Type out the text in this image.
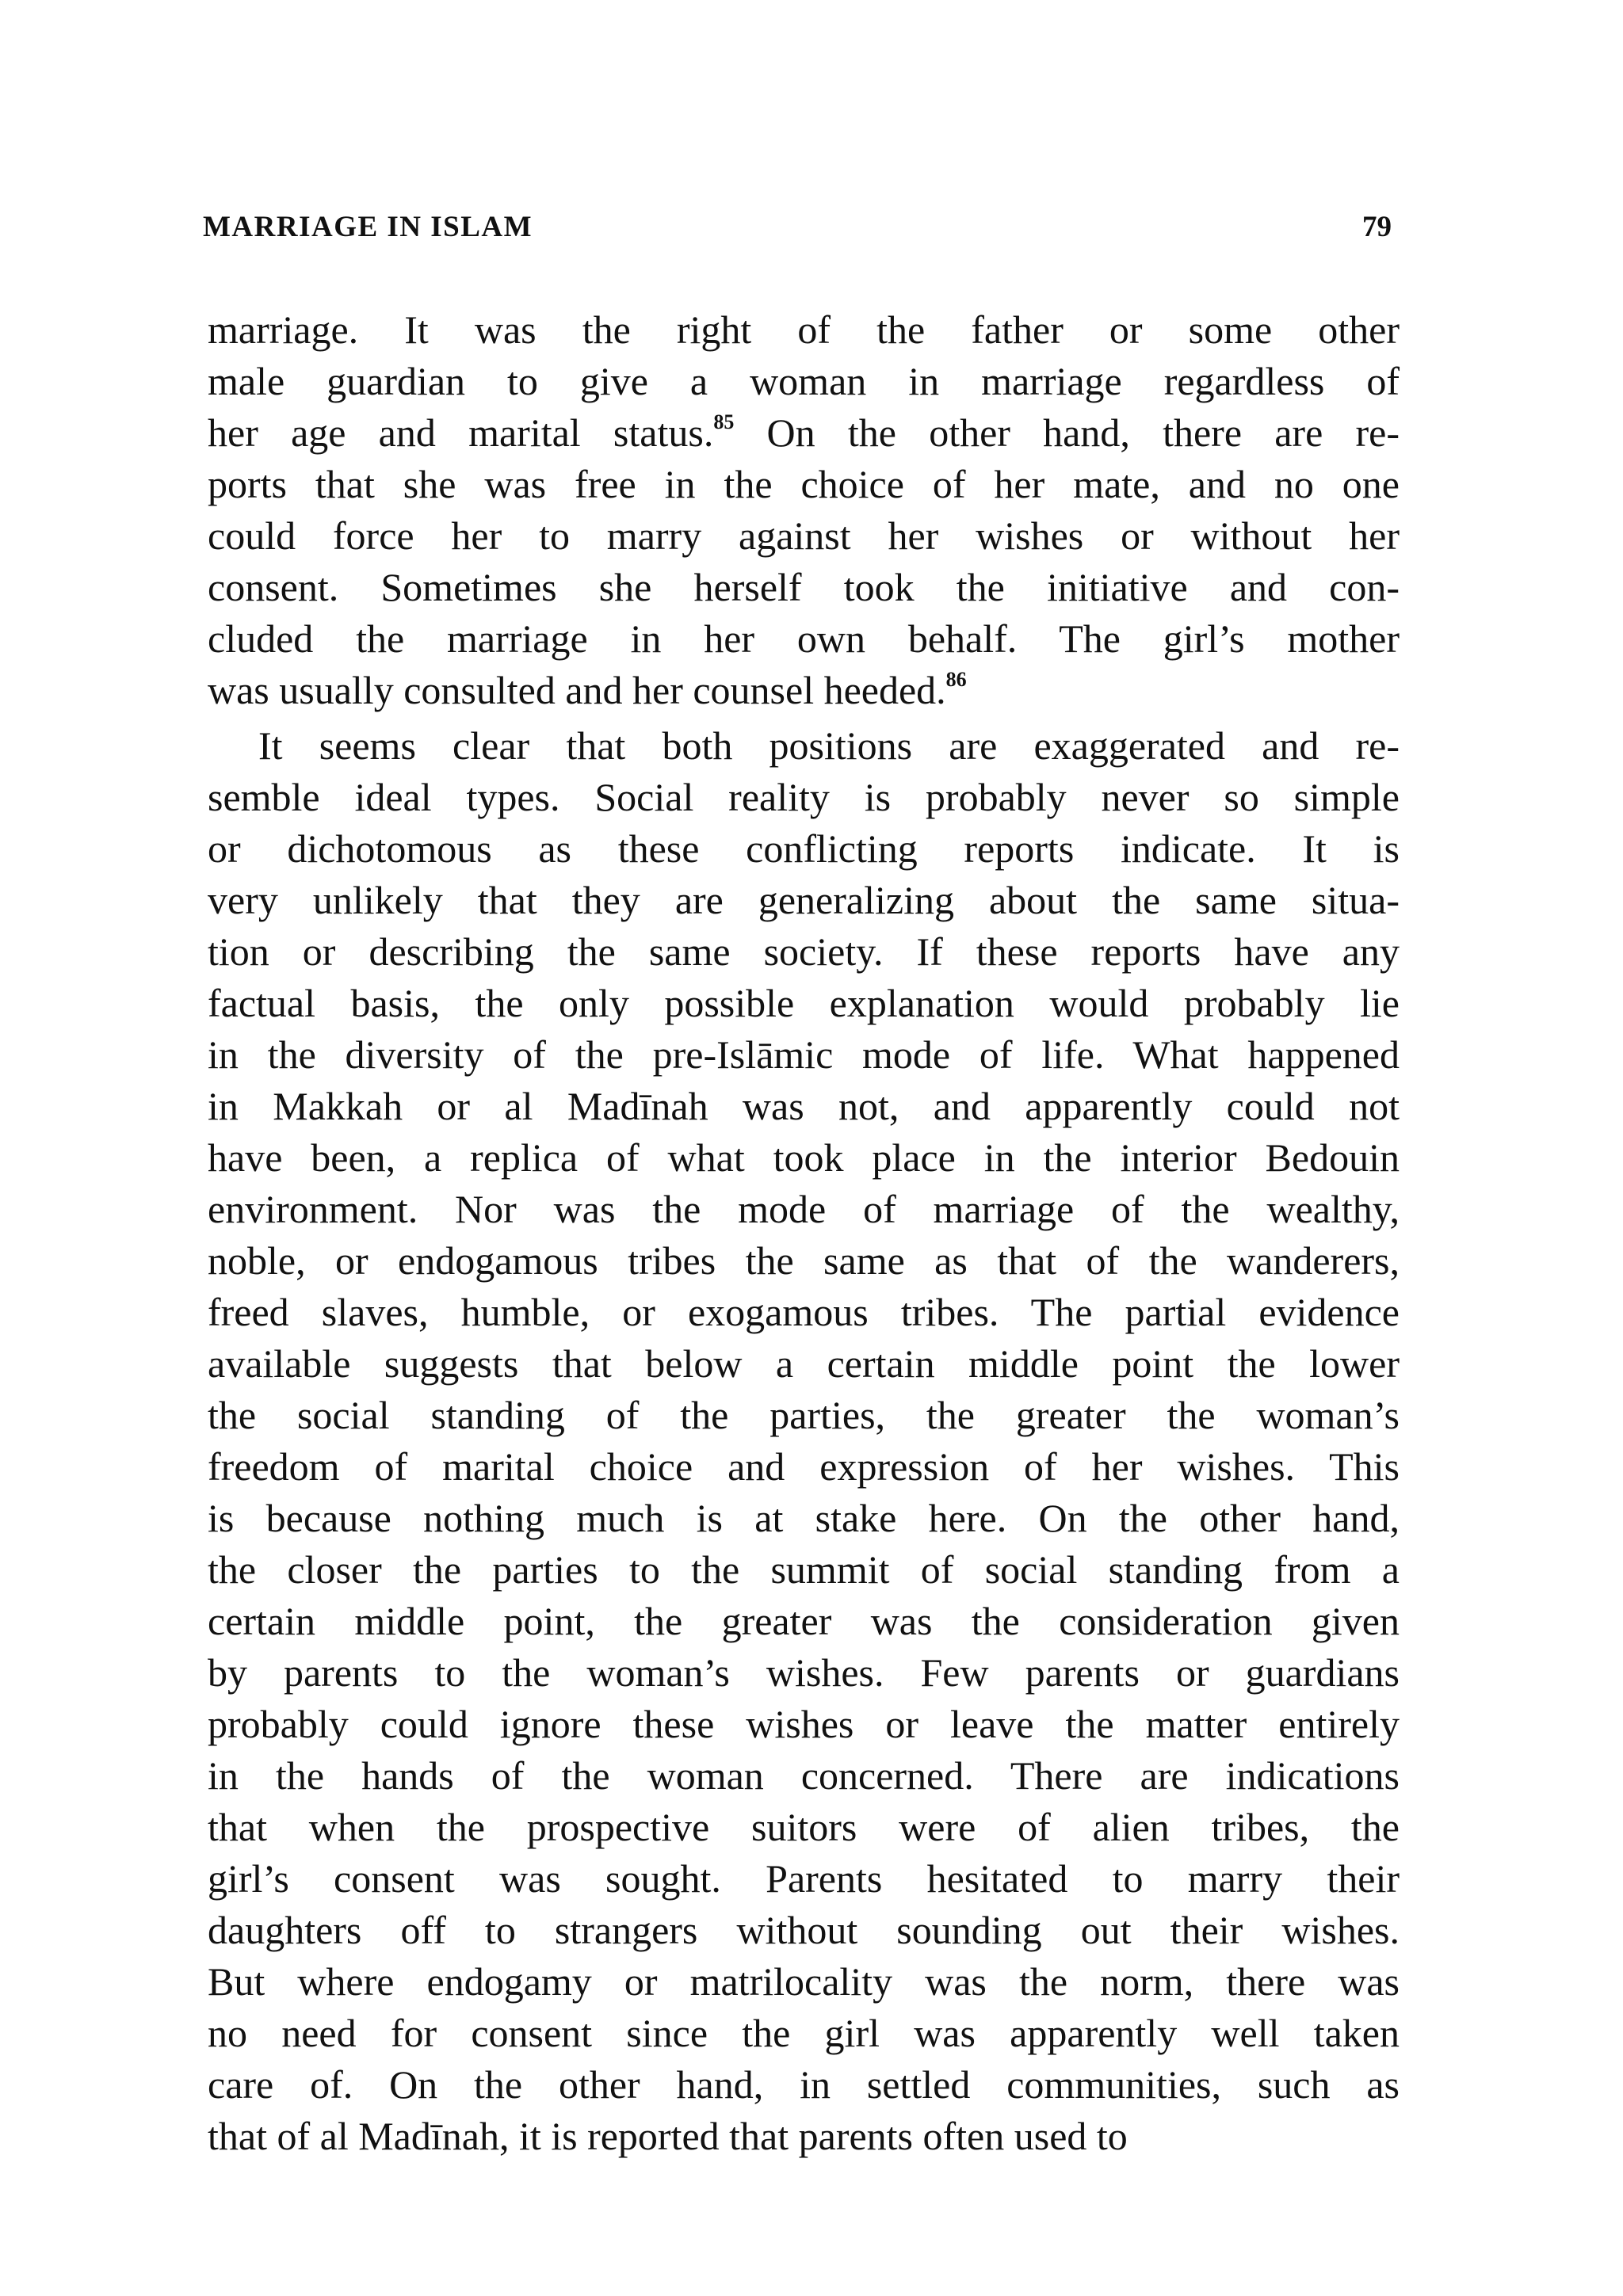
MARRIAGE IN ISLAM	79
marriage. It was the right of the father or some other
male guardian to give a woman in marriage regardless of
her age and marital status.$^{85}$ On the other hand, there are re-
ports that she was free in the choice of her mate, and no one
could force her to marry against her wishes or without her
consent. Sometimes she herself took the initiative and con-
cluded the marriage in her own behalf. The girl’s mother
was usually consulted and her counsel heeded.$^{86}$
It seems clear that both positions are exaggerated and re-
semble ideal types. Social reality is probably never so simple
or dichotomous as these conflicting reports indicate. It is
very unlikely that they are generalizing about the same situa-
tion or describing the same society. If these reports have any
factual basis, the only possible explanation would probably lie
in the diversity of the pre-Islāmic mode of life. What happened
in Makkah or al Madīnah was not, and apparently could not
have been, a replica of what took place in the interior Bedouin
environment. Nor was the mode of marriage of the wealthy,
noble, or endogamous tribes the same as that of the wanderers,
freed slaves, humble, or exogamous tribes. The partial evidence
available suggests that below a certain middle point the lower
the social standing of the parties, the greater the woman’s
freedom of marital choice and expression of her wishes. This
is because nothing much is at stake here. On the other hand,
the closer the parties to the summit of social standing from a
certain middle point, the greater was the consideration given
by parents to the woman’s wishes. Few parents or guardians
probably could ignore these wishes or leave the matter entirely
in the hands of the woman concerned. There are indications
that when the prospective suitors were of alien tribes, the
girl’s consent was sought. Parents hesitated to marry their
daughters off to strangers without sounding out their wishes.
But where endogamy or matrilocality was the norm, there was
no need for consent since the girl was apparently well taken
care of. On the other hand, in settled communities, such as
that of al Madīnah, it is reported that parents often used to
